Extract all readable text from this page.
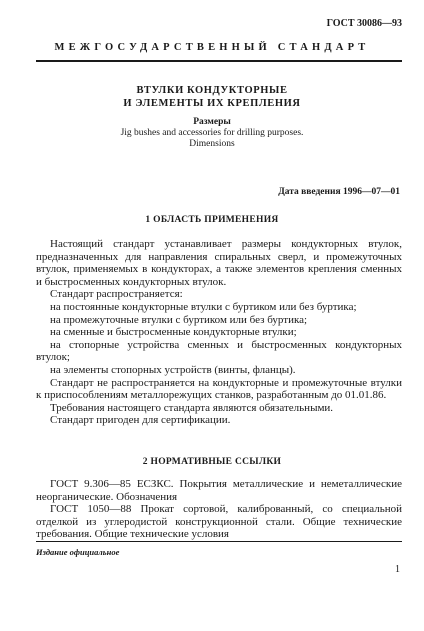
ГОСТ 30086—93
МЕЖГОСУДАРСТВЕННЫЙ СТАНДАРТ
ВТУЛКИ КОНДУКТОРНЫЕ
И ЭЛЕМЕНТЫ ИХ КРЕПЛЕНИЯ
Размеры
Jig bushes and accessories for drilling purposes.
Dimensions
Дата введения 1996—07—01
1 ОБЛАСТЬ ПРИМЕНЕНИЯ

Настоящий стандарт устанавливает размеры кондукторных втулок, предназначенных для направления спиральных сверл, и промежуточных втулок, применяемых в кондукторах, а также элементов крепления сменных и быстросменных кондукторных втулок.

Стандарт распространяется:

на постоянные кондукторные втулки с буртиком или без буртика;

на промежуточные втулки с буртиком или без буртика;

на сменные и быстросменные кондукторные втулки;

на стопорные устройства сменных и быстросменных кондукторных втулок;

на элементы стопорных устройств (винты, фланцы).

Стандарт не распространяется на кондукторные и промежуточные втулки к приспособлениям металлорежущих станков, разработанным до 01.01.86.

Требования настоящего стандарта являются обязательными.

Стандарт пригоден для сертификации.

2 НОРМАТИВНЫЕ ССЫЛКИ

ГОСТ 9.306—85 ЕСЗКС. Покрытия металлические и неметаллические неорганические. Обозначения

ГОСТ 1050—88 Прокат сортовой, калиброванный, со специальной отделкой из углеродистой конструкционной стали. Общие технические требования. Общие технические условия

Издание официальное
1
